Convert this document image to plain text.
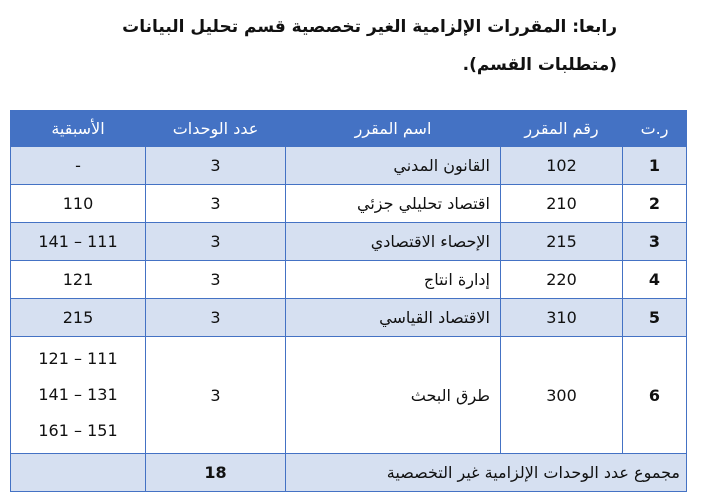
رابعا: المقررات الإلزامية الغير تخصصية قسم تحليل البيانات
(متطلبات القسم).
ر.ت	رقم المقرر	اسم المقرر	عدد الوحدات	الأسبقية
1	102	القانون المدني	3	-
2	210	اقتصاد تحليلي جزئي	3	110
3	215	الإحصاء الاقتصادي	3	111 – 141
4	220	إدارة انتاج	3	121
5	310	الاقتصاد القياسي	3	215
6	300	طرق البحث	3	111 – 121
131 – 141
151 – 161

مجموع عدد الوحدات الإلزامية غير التخصصية			18	
